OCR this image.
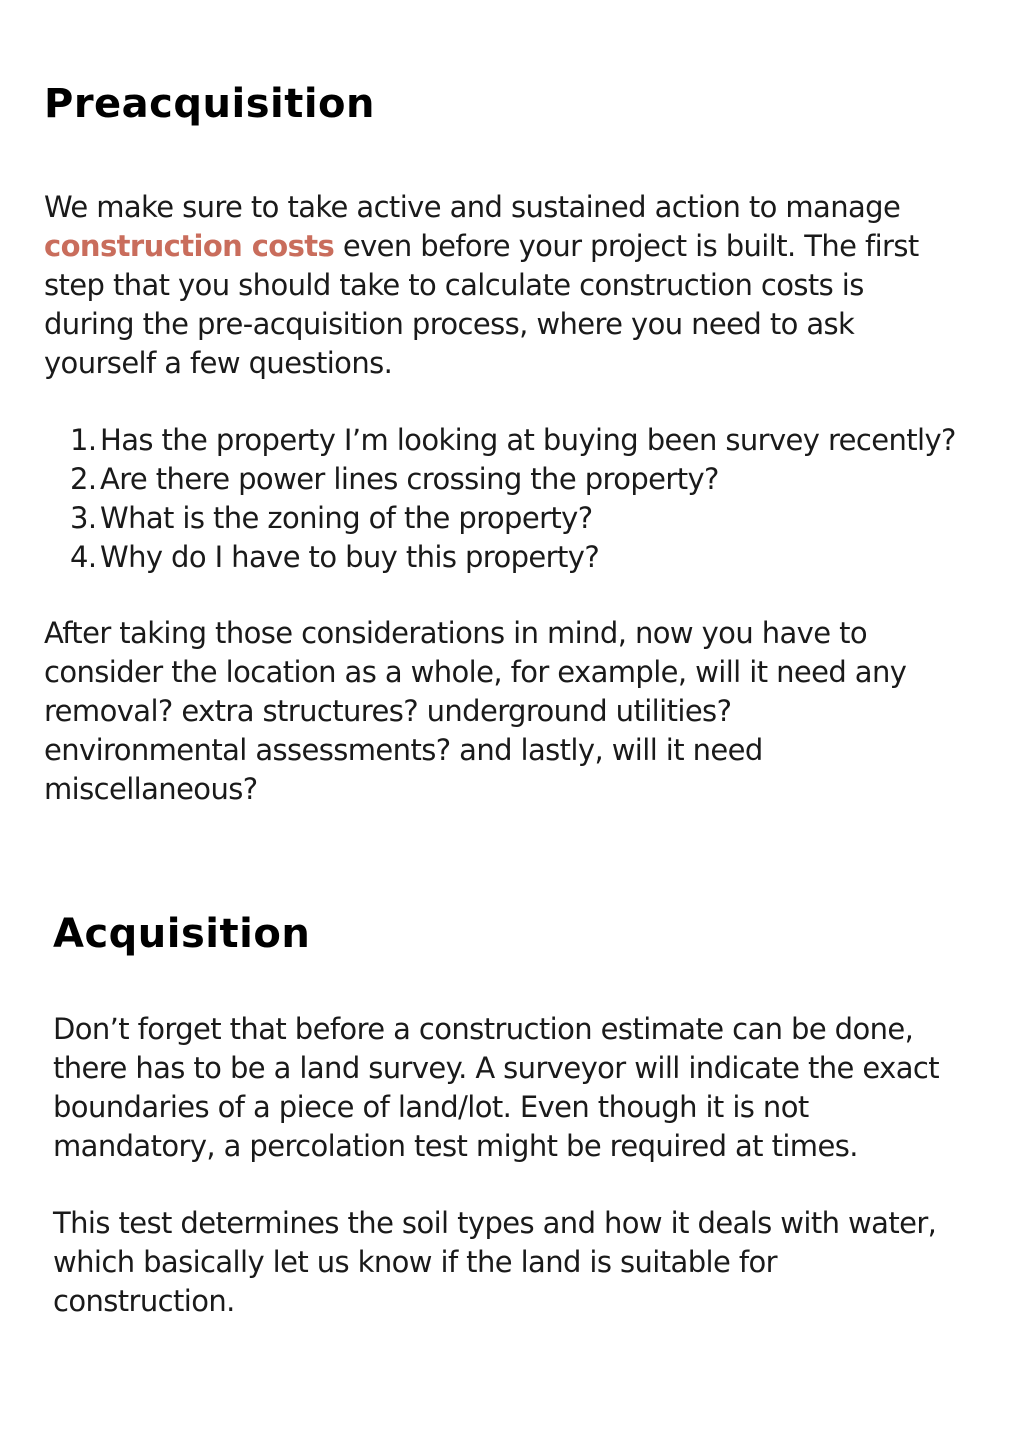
Preacquisition

We make sure to take active and sustained action to manage
construction costs even before your project is built. The first
step that you should take to calculate construction costs is
during the pre-acquisition process, where you need to ask
yourself a few questions.

1. Has the property I’m looking at buying been survey recently?
2. Are there power lines crossing the property?
3. What is the zoning of the property?
4. Why do I have to buy this property?

After taking those considerations in mind, now you have to
consider the location as a whole, for example, will it need any
removal? extra structures? underground utilities?
environmental assessments? and lastly, will it need
miscellaneous?

Acquisition

Don’t forget that before a construction estimate can be done,
there has to be a land survey. A surveyor will indicate the exact
boundaries of a piece of land/lot. Even though it is not
mandatory, a percolation test might be required at times.

This test determines the soil types and how it deals with water,
which basically let us know if the land is suitable for
construction.
